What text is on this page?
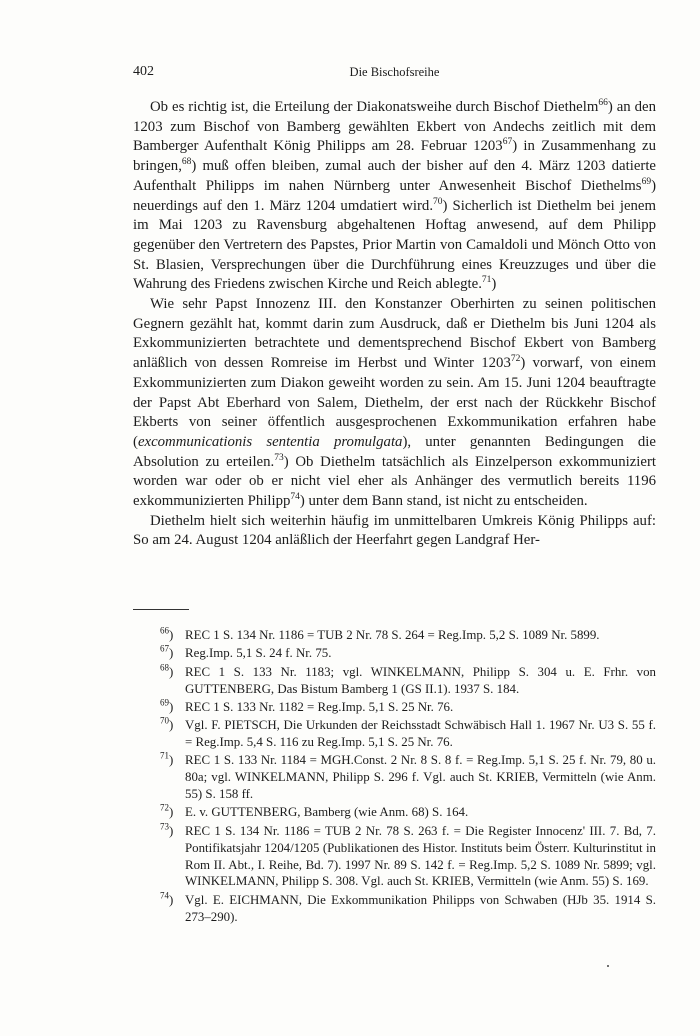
402	Die Bischofsreihe

Ob es richtig ist, die Erteilung der Diakonatsweihe durch Bischof Diethelm$^{66}$) an den 1203 zum Bischof von Bamberg gewählten Ekbert von Andechs zeitlich mit dem Bamberger Aufenthalt König Philipps am 28. Februar 1203$^{67}$) in Zusammenhang zu bringen,$^{68}$) muß offen bleiben, zumal auch der bisher auf den 4. März 1203 datierte Aufenthalt Philipps im nahen Nürnberg unter Anwesenheit Bischof Diethelms$^{69}$) neuerdings auf den 1. März 1204 umdatiert wird.$^{70}$) Sicherlich ist Diethelm bei jenem im Mai 1203 zu Ravensburg abgehaltenen Hoftag anwesend, auf dem Philipp gegenüber den Vertretern des Papstes, Prior Martin von Camaldoli und Mönch Otto von St. Blasien, Versprechungen über die Durchführung eines Kreuzzuges und über die Wahrung des Friedens zwischen Kirche und Reich ablegte.$^{71}$)

Wie sehr Papst Innozenz III. den Konstanzer Oberhirten zu seinen politischen Gegnern gezählt hat, kommt darin zum Ausdruck, daß er Diethelm bis Juni 1204 als Exkommunizierten betrachtete und dementsprechend Bischof Ekbert von Bamberg anläßlich von dessen Romreise im Herbst und Winter 1203$^{72}$) vorwarf, von einem Exkommunizierten zum Diakon geweiht worden zu sein. Am 15. Juni 1204 beauftragte der Papst Abt Eberhard von Salem, Diethelm, der erst nach der Rückkehr Bischof Ekberts von seiner öffentlich ausgesprochenen Exkommunikation erfahren habe (excommunicationis sententia promulgata), unter genannten Bedingungen die Absolution zu erteilen.$^{73}$) Ob Diethelm tatsächlich als Einzelperson exkommuniziert worden war oder ob er nicht viel eher als Anhänger des vermutlich bereits 1196 exkommunizierten Philipp$^{74}$) unter dem Bann stand, ist nicht zu entscheiden.

Diethelm hielt sich weiterhin häufig im unmittelbaren Umkreis König Philipps auf: So am 24. August 1204 anläßlich der Heerfahrt gegen Landgraf Her-

$^{66}$) REC 1 S. 134 Nr. 1186 = TUB 2 Nr. 78 S. 264 = Reg.Imp. 5,2 S. 1089 Nr. 5899.

$^{67}$) Reg.Imp. 5,1 S. 24 f. Nr. 75.

$^{68}$) REC 1 S. 133 Nr. 1183; vgl. WINKELMANN, Philipp S. 304 u. E. Frhr. von GUTTENBERG, Das Bistum Bamberg 1 (GS II.1). 1937 S. 184.

$^{69}$) REC 1 S. 133 Nr. 1182 = Reg.Imp. 5,1 S. 25 Nr. 76.

$^{70}$) Vgl. F. PIETSCH, Die Urkunden der Reichsstadt Schwäbisch Hall 1. 1967 Nr. U3 S. 55 f. = Reg.Imp. 5,4 S. 116 zu Reg.Imp. 5,1 S. 25 Nr. 76.

$^{71}$) REC 1 S. 133 Nr. 1184 = MGH.Const. 2 Nr. 8 S. 8 f. = Reg.Imp. 5,1 S. 25 f. Nr. 79, 80 u. 80a; vgl. WINKELMANN, Philipp S. 296 f. Vgl. auch St. KRIEB, Vermitteln (wie Anm. 55) S. 158 ff.

$^{72}$) E. v. GUTTENBERG, Bamberg (wie Anm. 68) S. 164.

$^{73}$) REC 1 S. 134 Nr. 1186 = TUB 2 Nr. 78 S. 263 f. = Die Register Innocenz' III. 7. Bd, 7. Pontifikatsjahr 1204/1205 (Publikationen des Histor. Instituts beim Österr. Kulturinstitut in Rom II. Abt., I. Reihe, Bd. 7). 1997 Nr. 89 S. 142 f. = Reg.Imp. 5,2 S. 1089 Nr. 5899; vgl. WINKELMANN, Philipp S. 308. Vgl. auch St. KRIEB, Vermitteln (wie Anm. 55) S. 169.

$^{74}$) Vgl. E. EICHMANN, Die Exkommunikation Philipps von Schwaben (HJb 35. 1914 S. 273–290).
